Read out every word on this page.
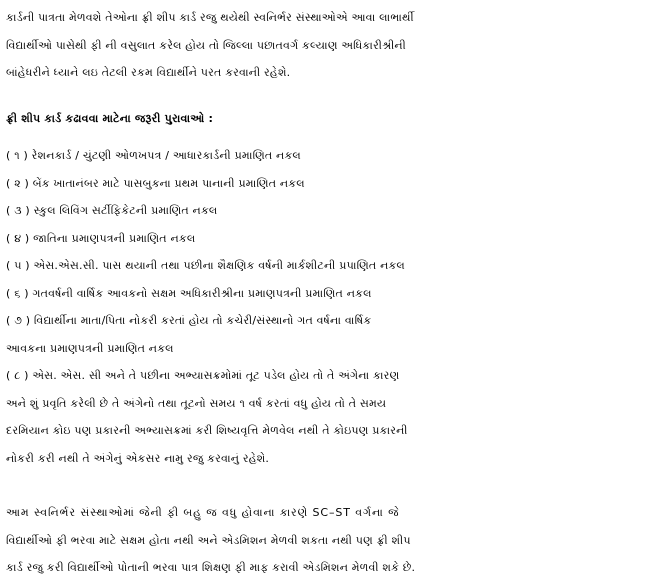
કાર્ડની પાત્રતા મેળવશે તેઓના ફ્રી શીપ કાર્ડ રજુ થયેથી સ્વનિર્ભર સંસ્થાઓએ આવા લાભાર્થી
વિદ્યાર્થીઓ પાસેથી ફી ની વસુલાત કરેલ હોય તો જિલ્લા પછાતવર્ગ કલ્યાણ અધિકારીશ્રીની
બાંહેધરીને ધ્યાને લઇ તેટલી રકમ વિદ્યાર્થીને પરત કરવાની રહેશે.
ફ્રી શીપ કાર્ડ કઢાવવા માટેના જરૂરી પુરાવાઓ :
( ૧ ) રેશનકાર્ડ / ચુંટણી ઓળખપત્ર / આધારકાર્ડની પ્રમાણિત નકલ
( ૨ ) બેંક ખાતાનંબર માટે પાસબુકના પ્રથમ પાનાની પ્રમાણિત નકલ
( ૩ ) સ્કુલ લિવિંગ સર્ટીફિકેટની પ્રમાણિત નકલ
( ૪ ) જાતિના પ્રમાણપત્રની પ્રમાણિત નકલ
( ૫ ) એસ.એસ.સી. પાસ થયાની તથા પછીના શૈક્ષણિક વર્ષની માર્કશીટની પ્રપાણિત નકલ
( ૬ ) ગતવર્ષની વાર્ષિક આવકનો સક્ષમ અધિકારીશ્રીના પ્રમાણપત્રની પ્રમાણિત નકલ
( ૭ ) વિદ્યાર્થીના માતા/પિતા નોકરી કરતાં હોય તો કચેરી/સંસ્થાનો ગત વર્ષના વાર્ષિક
આવકના પ્રમાણપત્રની પ્રમાણિત નકલ
( ૮ ) એસ. એસ. સી અને તે પછીના અભ્યાસક્રમોમાં તૂટ પડેલ હોય તો તે અંગેના કારણ
અને શું પ્રવૃતિ કરેલી છે તે અંગેનો તથા તૂટનો સમય ૧ વર્ષ કરતાં વધુ હોય તો તે સમય
દરમિયાન કોઇ પણ પ્રકારની અભ્યાસક્રમાં કરી શિષ્યવૃત્તિ મેળવેલ નથી તે કોઇપણ પ્રકારની
નોકરી કરી નથી તે અંગેનું એકસર નામુ રજુ કરવાનું રહેશે.
આમ સ્વનિર્ભર સંસ્થાઓમાં જેની ફી બહુ જ વધુ હોવાના કારણે SC–ST વર્ગના જે
વિદ્યાર્થીઓ ફી ભરવા માટે સક્ષમ હોતા નથી અને એડમિશન મેળવી શકતા નથી પણ ફ્રી શીપ
કાર્ડ રજુ કરી વિદ્યાર્થીઓ પોતાની ભરવા પાત્ર શિક્ષણ ફી માફ કરાવી એડમિશન મેળવી શકે છે.
